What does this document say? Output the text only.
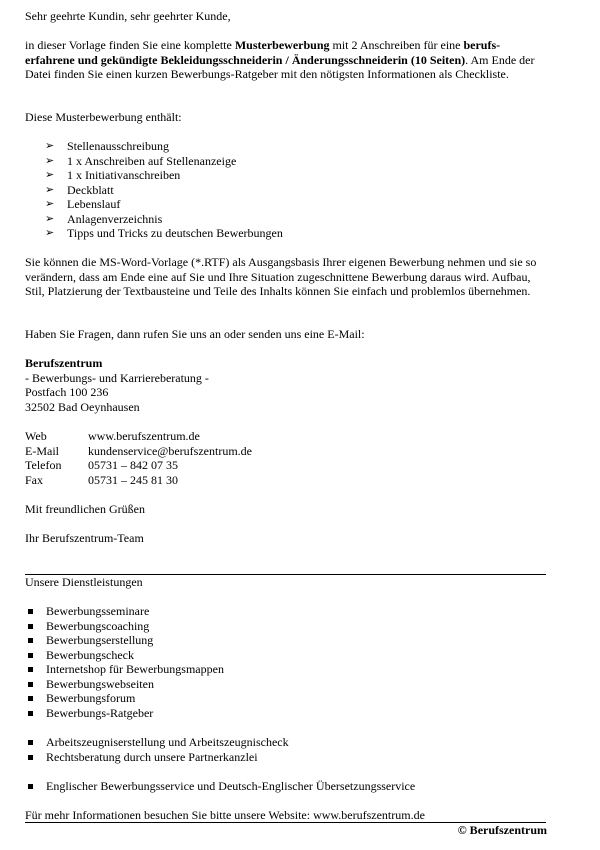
Sehr geehrte Kundin, sehr geehrter Kunde,

in dieser Vorlage finden Sie eine komplette Musterbewerbung mit 2 Anschreiben für eine berufs-erfahrene und gekündigte Bekleidungsschneiderin / Änderungsschneiderin (10 Seiten). Am Ende der Datei finden Sie einen kurzen Bewerbungs-Ratgeber mit den nötigsten Informationen als Checkliste.

Diese Musterbewerbung enthält:

➢ Stellenausschreibung
➢ 1 x Anschreiben auf Stellenanzeige
➢ 1 x Initiativanschreiben
➢ Deckblatt
➢ Lebenslauf
➢ Anlagenverzeichnis
➢ Tipps und Tricks zu deutschen Bewerbungen

Sie können die MS-Word-Vorlage (*.RTF) als Ausgangsbasis Ihrer eigenen Bewerbung nehmen und sie so verändern, dass am Ende eine auf Sie und Ihre Situation zugeschnittene Bewerbung daraus wird. Aufbau, Stil, Platzierung der Textbausteine und Teile des Inhalts können Sie einfach und problemlos übernehmen.

Haben Sie Fragen, dann rufen Sie uns an oder senden uns eine E-Mail:

Berufszentrum

- Bewerbungs- und Karriereberatung -

Postfach 100 236

32502 Bad Oeynhausen

Web	www.berufszentrum.de
E-Mail	kundenservice@berufszentrum.de
Telefon	05731 – 842 07 35
Fax	05731 – 245 81 30

Mit freundlichen Grüßen

Ihr Berufszentrum-Team

Unsere Dienstleistungen

Bewerbungsseminare
Bewerbungscoaching
Bewerbungserstellung
Bewerbungscheck
Internetshop für Bewerbungsmappen
Bewerbungswebseiten
Bewerbungsforum
Bewerbungs-Ratgeber
Arbeitszeugniserstellung und Arbeitszeugnischeck
Rechtsberatung durch unsere Partnerkanzlei
Englischer Bewerbungsservice und Deutsch-Englischer Übersetzungsservice

Für mehr Informationen besuchen Sie bitte unsere Website: www.berufszentrum.de

© Berufszentrum
